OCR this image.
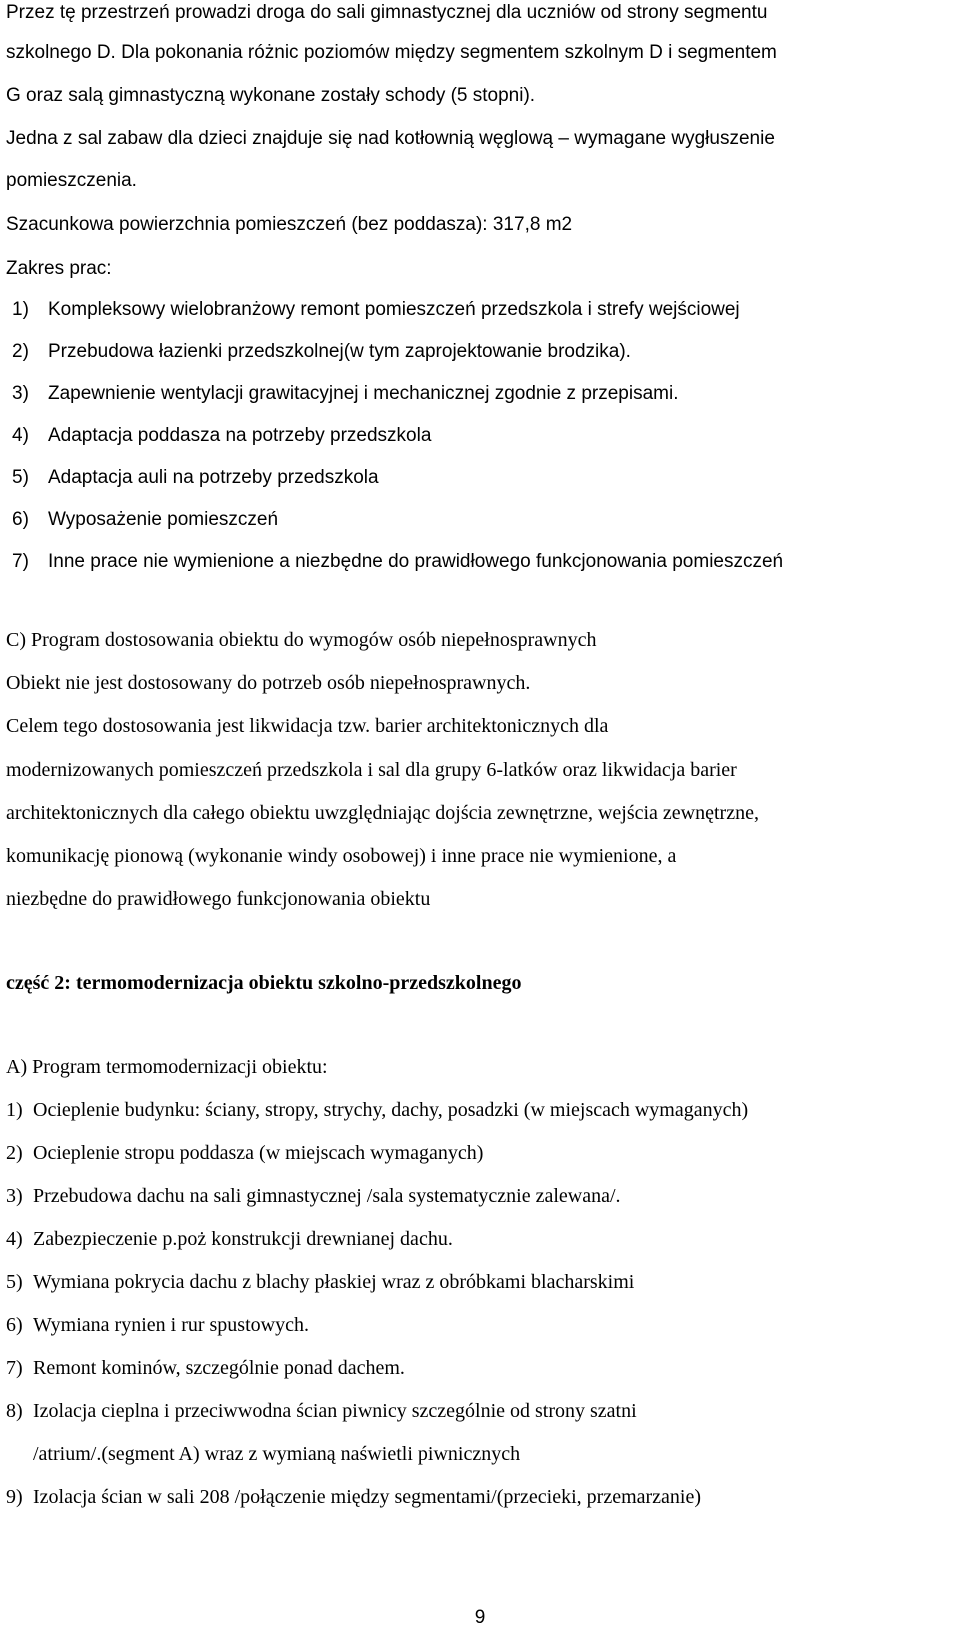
Przez tę przestrzeń prowadzi droga do sali gimnastycznej dla uczniów od strony segmentu
szkolnego D. Dla pokonania różnic poziomów między segmentem szkolnym D i segmentem
G oraz salą gimnastyczną wykonane zostały schody (5 stopni).
Jedna z sal zabaw dla dzieci znajduje się nad kotłownią węglową – wymagane wygłuszenie
pomieszczenia.
Szacunkowa powierzchnia pomieszczeń (bez poddasza): 317,8 m2
Zakres prac:
1) Kompleksowy wielobranżowy remont pomieszczeń przedszkola i strefy wejściowej
2) Przebudowa łazienki przedszkolnej(w tym zaprojektowanie brodzika).
3) Zapewnienie wentylacji grawitacyjnej i mechanicznej zgodnie z przepisami.
4) Adaptacja poddasza na potrzeby przedszkola
5) Adaptacja auli na potrzeby przedszkola
6) Wyposażenie pomieszczeń
7) Inne prace nie wymienione a niezbędne do prawidłowego funkcjonowania pomieszczeń
C) Program dostosowania obiektu do wymogów osób niepełnosprawnych
Obiekt nie jest dostosowany do potrzeb osób niepełnosprawnych.
Celem tego dostosowania jest likwidacja tzw. barier architektonicznych dla
modernizowanych pomieszczeń przedszkola i sal dla grupy 6-latków oraz likwidacja barier
architektonicznych dla całego obiektu uwzględniając dojścia zewnętrzne, wejścia zewnętrzne,
komunikację pionową (wykonanie windy osobowej) i inne prace nie wymienione, a
niezbędne do prawidłowego funkcjonowania obiektu
część 2: termomodernizacja obiektu szkolno-przedszkolnego
A) Program termomodernizacji obiektu:
1) Ocieplenie budynku: ściany, stropy, strychy, dachy, posadzki (w miejscach wymaganych)
2) Ocieplenie stropu poddasza (w miejscach wymaganych)
3) Przebudowa dachu na sali gimnastycznej /sala systematycznie zalewana/.
4) Zabezpieczenie p.poż konstrukcji drewnianej dachu.
5) Wymiana pokrycia dachu z blachy płaskiej wraz z obróbkami blacharskimi
6) Wymiana rynien i rur spustowych.
7) Remont kominów, szczególnie ponad dachem.
8) Izolacja cieplna i przeciwwodna ścian piwnicy szczególnie od strony szatni
/atrium/.(segment A) wraz z wymianą naświetli piwnicznych
9) Izolacja ścian w sali 208 /połączenie między segmentami/(przecieki, przemarzanie)
9
